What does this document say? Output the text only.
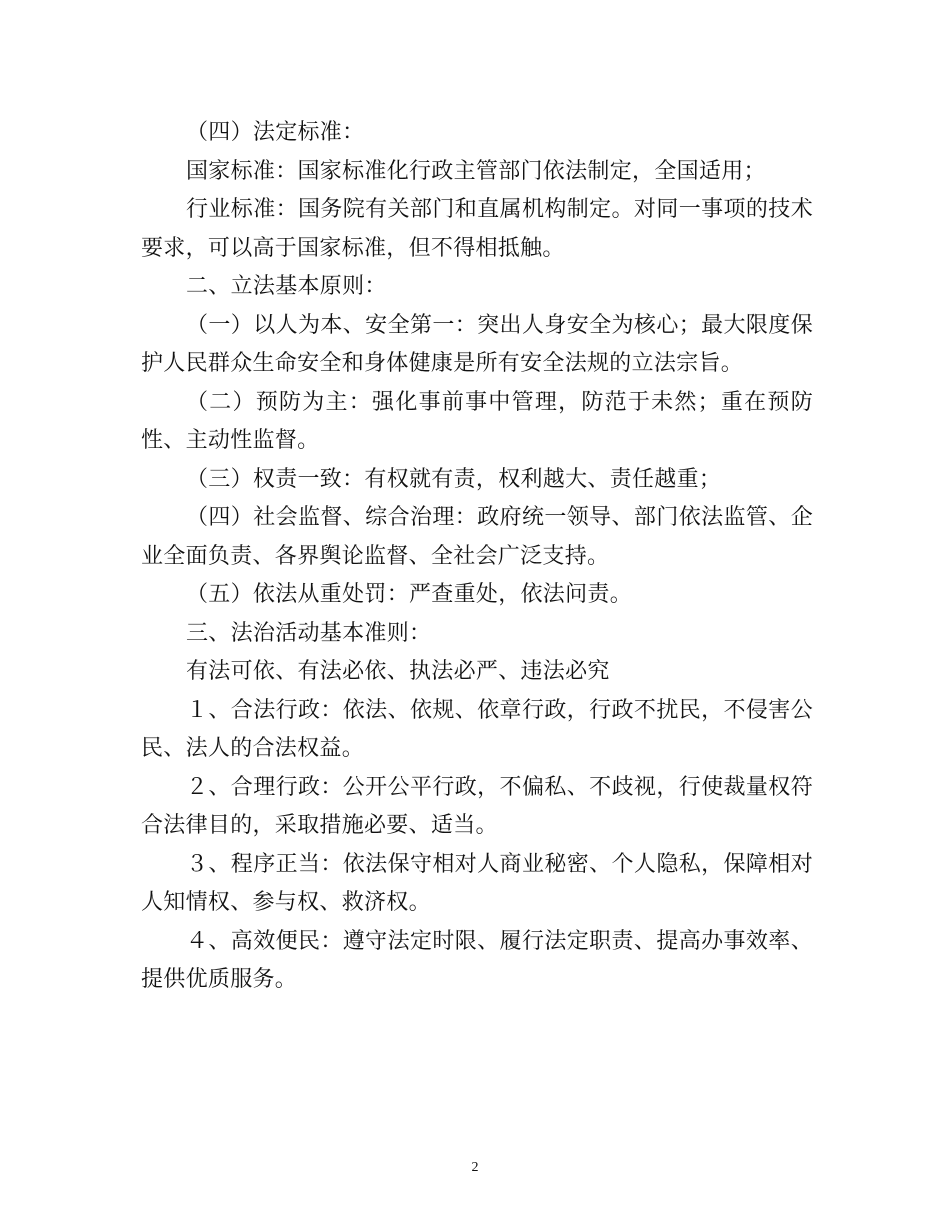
（四）法定标准：

国家标准：国家标准化行政主管部门依法制定，全国适用；

行业标准：国务院有关部门和直属机构制定。对同一事项的技术要求，可以高于国家标准，但不得相抵触。

二、立法基本原则：

（一）以人为本、安全第一：突出人身安全为核心；最大限度保护人民群众生命安全和身体健康是所有安全法规的立法宗旨。

（二）预防为主：强化事前事中管理，防范于未然；重在预防性、主动性监督。

（三）权责一致：有权就有责，权利越大、责任越重；

（四）社会监督、综合治理：政府统一领导、部门依法监管、企业全面负责、各界舆论监督、全社会广泛支持。

（五）依法从重处罚：严查重处，依法问责。

三、法治活动基本准则：

有法可依、有法必依、执法必严、违法必究

１、合法行政：依法、依规、依章行政，行政不扰民，不侵害公民、法人的合法权益。

２、合理行政：公开公平行政，不偏私、不歧视，行使裁量权符合法律目的，采取措施必要、适当。

３、程序正当：依法保守相对人商业秘密、个人隐私，保障相对人知情权、参与权、救济权。

４、高效便民：遵守法定时限、履行法定职责、提高办事效率、提供优质服务。

2
